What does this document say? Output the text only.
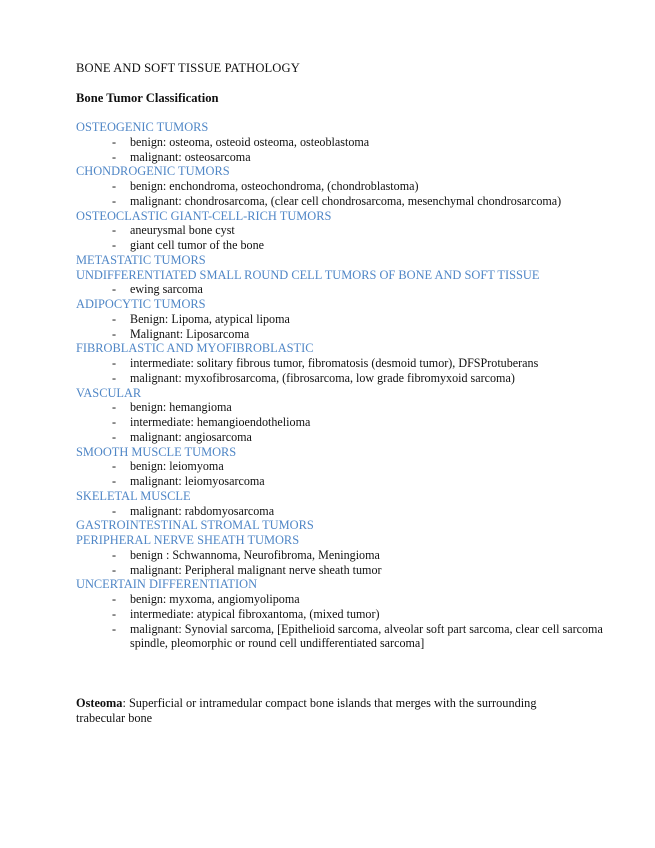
BONE AND SOFT TISSUE PATHOLOGY
Bone Tumor Classification
OSTEOGENIC TUMORS
- benign: osteoma, osteoid osteoma, osteoblastoma
- malignant: osteosarcoma
CHONDROGENIC TUMORS
- benign: enchondroma, osteochondroma, (chondroblastoma)
- malignant: chondrosarcoma, (clear cell chondrosarcoma, mesenchymal chondrosarcoma)
OSTEOCLASTIC GIANT-CELL-RICH TUMORS
- aneurysmal bone cyst
- giant cell tumor of the bone
METASTATIC TUMORS
UNDIFFERENTIATED SMALL ROUND CELL TUMORS OF BONE AND SOFT TISSUE
- ewing sarcoma
ADIPOCYTIC TUMORS
- Benign: Lipoma, atypical lipoma
- Malignant: Liposarcoma
FIBROBLASTIC AND MYOFIBROBLASTIC
- intermediate: solitary fibrous tumor, fibromatosis (desmoid tumor), DFSProtuberans
- malignant: myxofibrosarcoma, (fibrosarcoma, low grade fibromyxoid sarcoma)
VASCULAR
- benign: hemangioma
- intermediate: hemangioendothelioma
- malignant: angiosarcoma
SMOOTH MUSCLE TUMORS
- benign: leiomyoma
- malignant: leiomyosarcoma
SKELETAL MUSCLE
- malignant: rabdomyosarcoma
GASTROINTESTINAL STROMAL TUMORS
PERIPHERAL NERVE SHEATH TUMORS
- benign : Schwannoma, Neurofibroma, Meningioma
- malignant: Peripheral malignant nerve sheath tumor
UNCERTAIN DIFFERENTIATION
- benign: myxoma, angiomyolipoma
- intermediate: atypical fibroxantoma, (mixed tumor)
- malignant: Synovial sarcoma, [Epithelioid sarcoma, alveolar soft part sarcoma, clear cell sarcoma spindle, pleomorphic or round cell undifferentiated sarcoma]
Osteoma: Superficial or intramedular compact bone islands that merges with the surrounding trabecular bone
